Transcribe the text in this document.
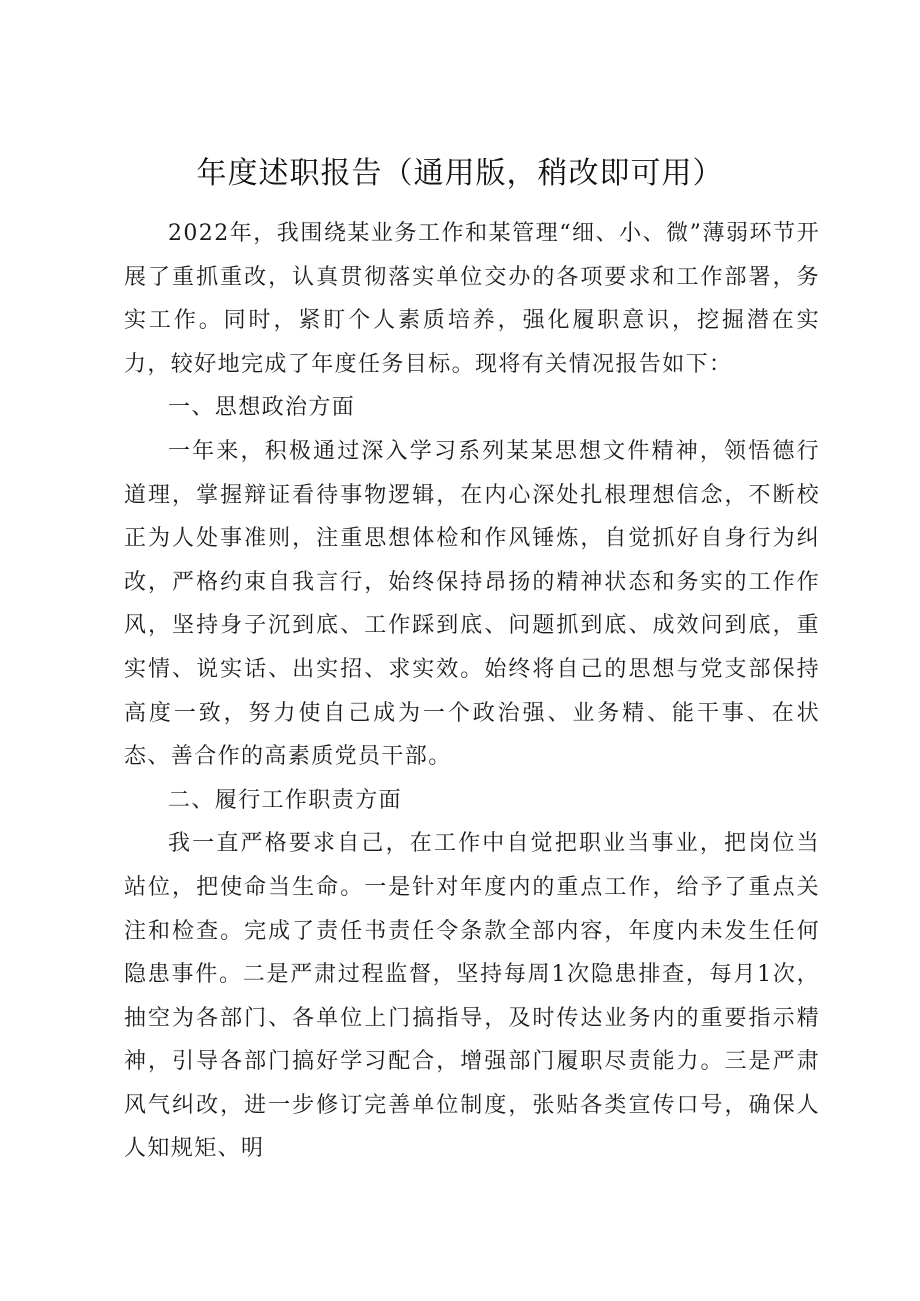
年度述职报告（通用版，稍改即可用）

2022年，我围绕某业务工作和某管理“细、小、微”薄弱环节开展了重抓重改，认真贯彻落实单位交办的各项要求和工作部署，务实工作。同时，紧盯个人素质培养，强化履职意识，挖掘潜在实力，较好地完成了年度任务目标。现将有关情况报告如下：

一、思想政治方面

一年来，积极通过深入学习系列某某思想文件精神，领悟德行道理，掌握辩证看待事物逻辑，在内心深处扎根理想信念，不断校正为人处事准则，注重思想体检和作风锤炼，自觉抓好自身行为纠改，严格约束自我言行，始终保持昂扬的精神状态和务实的工作作风，坚持身子沉到底、工作踩到底、问题抓到底、成效问到底，重实情、说实话、出实招、求实效。始终将自己的思想与党支部保持高度一致，努力使自己成为一个政治强、业务精、能干事、在状态、善合作的高素质党员干部。

二、履行工作职责方面

我一直严格要求自己，在工作中自觉把职业当事业，把岗位当站位，把使命当生命。一是针对年度内的重点工作，给予了重点关注和检查。完成了责任书责任令条款全部内容，年度内未发生任何隐患事件。二是严肃过程监督，坚持每周1次隐患排查，每月1次，抽空为各部门、各单位上门搞指导，及时传达业务内的重要指示精神，引导各部门搞好学习配合，增强部门履职尽责能力。三是严肃风气纠改，进一步修订完善单位制度，张贴各类宣传口号，确保人人知规矩、明
